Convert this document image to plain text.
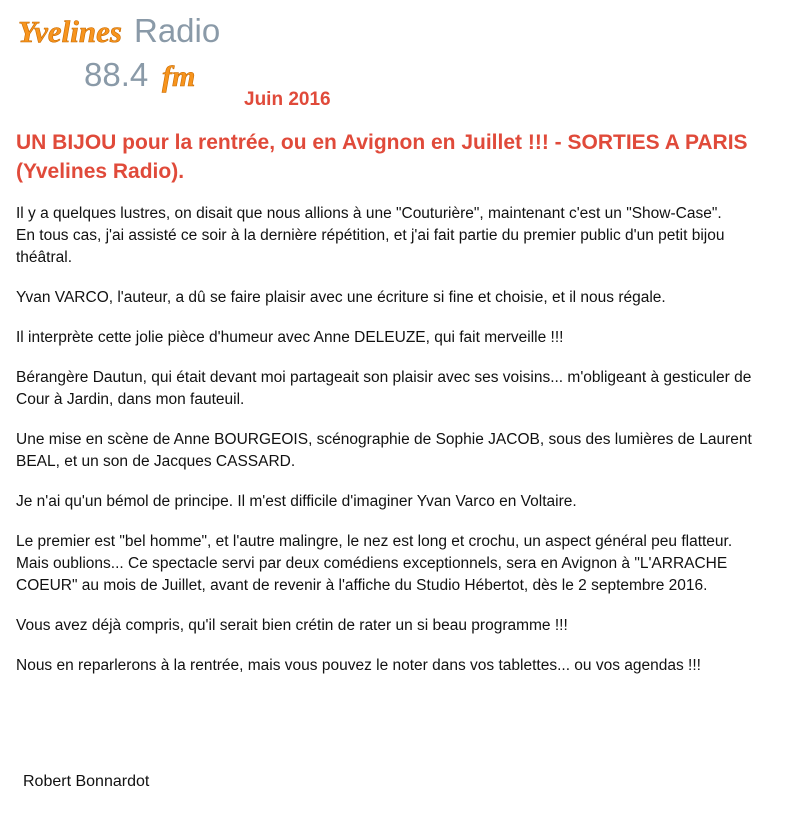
Yvelines Radio
88.4 fm
Juin 2016
UN BIJOU pour la rentrée, ou en Avignon en Juillet !!! - SORTIES A PARIS (Yvelines Radio).

Il y a quelques lustres, on disait que nous allions à une "Couturière", maintenant c'est un "Show-Case".
En tous cas, j'ai assisté ce soir à la dernière répétition, et j'ai fait partie du premier public d'un petit bijou théâtral.

Yvan VARCO, l'auteur, a dû se faire plaisir avec une écriture si fine et choisie, et il nous régale.

Il interprète cette jolie pièce d'humeur avec Anne DELEUZE, qui fait merveille !!!

Bérangère Dautun, qui était devant moi partageait son plaisir avec ses voisins... m'obligeant à gesticuler de Cour à Jardin, dans mon fauteuil.

Une mise en scène de Anne BOURGEOIS, scénographie de Sophie JACOB, sous des lumières de Laurent BEAL, et un son de Jacques CASSARD.

Je n'ai qu'un bémol de principe. Il m'est difficile d'imaginer Yvan Varco en Voltaire.

Le premier est "bel homme", et l'autre malingre, le nez est long et crochu, un aspect général peu flatteur.
Mais oublions... Ce spectacle servi par deux comédiens exceptionnels, sera en Avignon à "L'ARRACHE COEUR" au mois de Juillet, avant de revenir à l'affiche du Studio Hébertot, dès le 2 septembre 2016.

Vous avez déjà compris, qu'il serait bien crétin de rater un si beau programme !!!

Nous en reparlerons à la rentrée, mais vous pouvez le noter dans vos tablettes... ou vos agendas !!!

Robert Bonnardot
